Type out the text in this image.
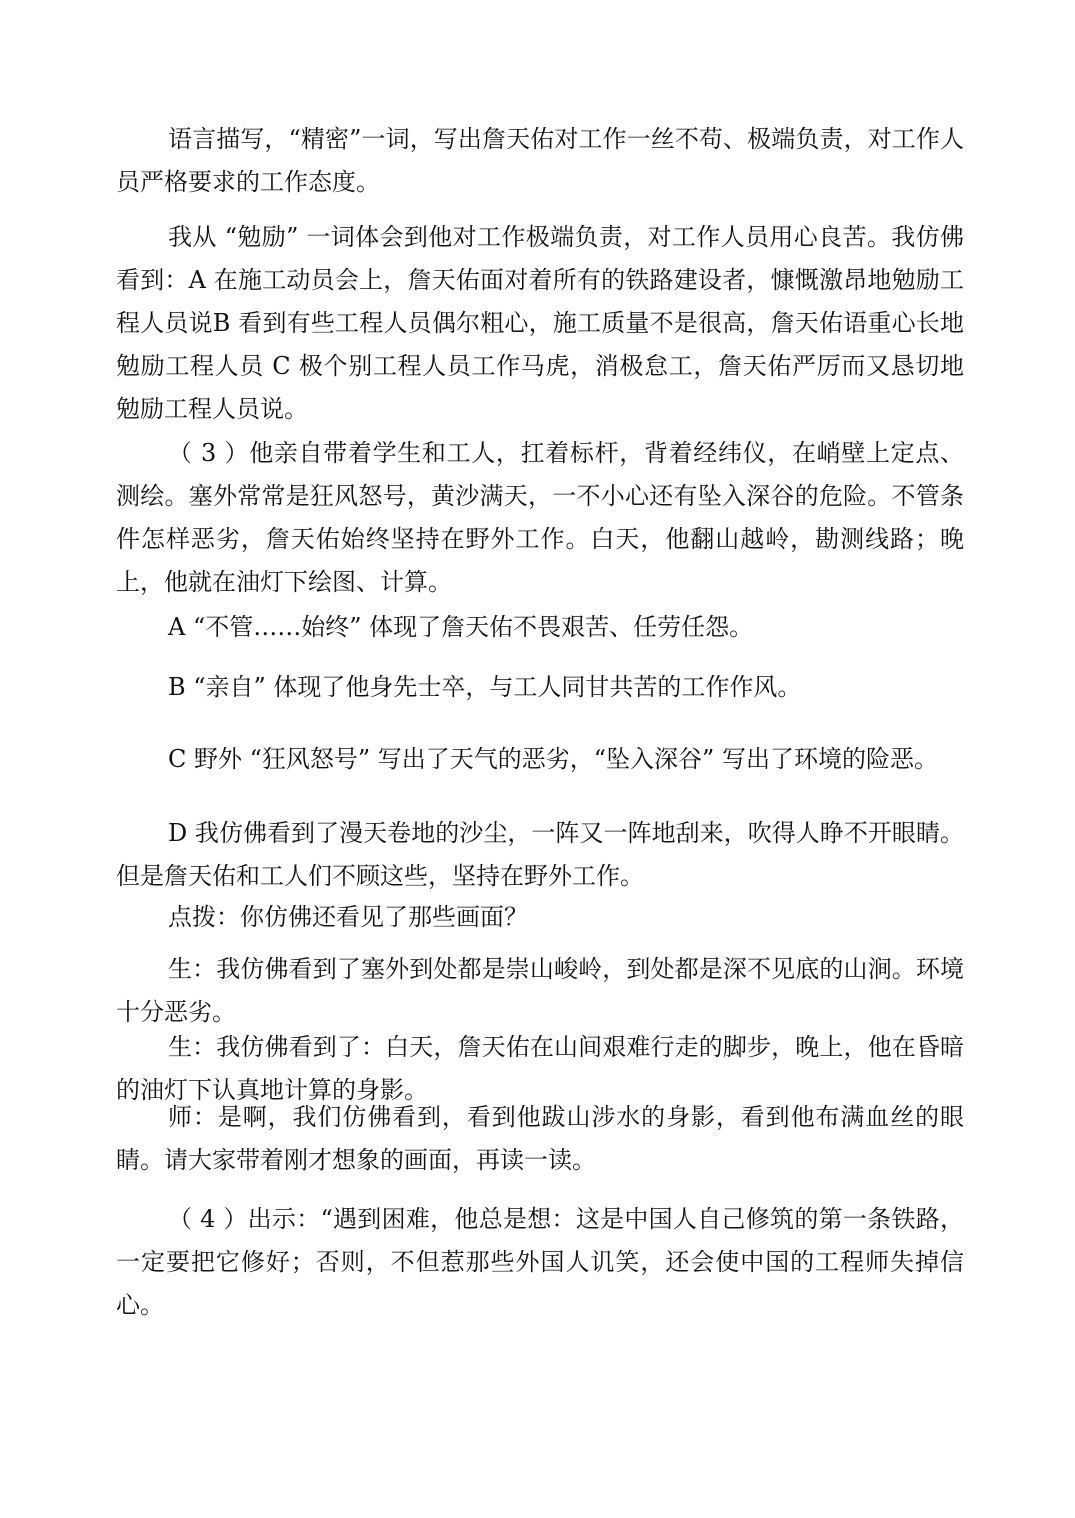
语言描写，“精密”一词，写出詹天佑对工作一丝不苟、极端负责，对工作人员严格要求的工作态度。

我从 “勉励” 一词体会到他对工作极端负责，对工作人员用心良苦。我仿佛看到：A 在施工动员会上，詹天佑面对着所有的铁路建设者，慷慨激昂地勉励工程人员说B 看到有些工程人员偶尔粗心，施工质量不是很高，詹天佑语重心长地勉励工程人员 C 极个别工程人员工作马虎，消极怠工，詹天佑严厉而又恳切地勉励工程人员说。

（ 3 ）他亲自带着学生和工人，扛着标杆，背着经纬仪，在峭壁上定点、测绘。塞外常常是狂风怒号，黄沙满天，一不小心还有坠入深谷的危险。不管条件怎样恶劣，詹天佑始终坚持在野外工作。白天，他翻山越岭，勘测线路；晚上，他就在油灯下绘图、计算。

A “不管……始终” 体现了詹天佑不畏艰苦、任劳任怨。

B “亲自” 体现了他身先士卒，与工人同甘共苦的工作作风。

C 野外 “狂风怒号” 写出了天气的恶劣，“坠入深谷” 写出了环境的险恶。

D 我仿佛看到了漫天卷地的沙尘，一阵又一阵地刮来，吹得人睁不开眼睛。但是詹天佑和工人们不顾这些，坚持在野外工作。

点拨：你仿佛还看见了那些画面？

生：我仿佛看到了塞外到处都是崇山峻岭，到处都是深不见底的山涧。环境十分恶劣。

生：我仿佛看到了：白天，詹天佑在山间艰难行走的脚步，晚上，他在昏暗的油灯下认真地计算的身影。

师：是啊，我们仿佛看到，看到他跋山涉水的身影，看到他布满血丝的眼睛。请大家带着刚才想象的画面，再读一读。

（ 4 ）出示：“遇到困难，他总是想：这是中国人自己修筑的第一条铁路，一定要把它修好；否则，不但惹那些外国人讥笑，还会使中国的工程师失掉信心。
